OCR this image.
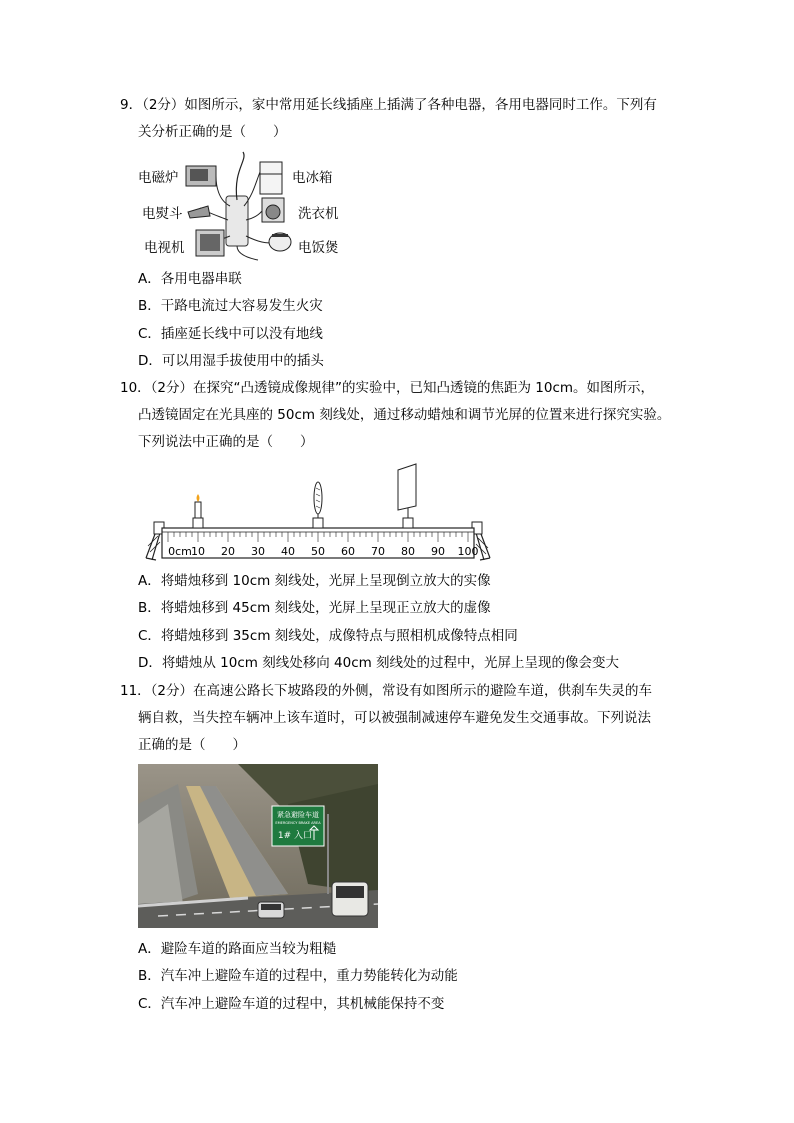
9．（2分）如图所示，家中常用延长线插座上插满了各种电器，各用电器同时工作。下列有
关分析正确的是（　　）
电磁炉	电冰箱
电熨斗	洗衣机
电视机	电饭煲
A．各用电器串联
B．干路电流过大容易发生火灾
C．插座延长线中可以没有地线
D．可以用湿手拔使用中的插头
10．（2分）在探究“凸透镜成像规律”的实验中，已知凸透镜的焦距为 10cm。如图所示，
凸透镜固定在光具座的 50cm 刻线处，通过移动蜡烛和调节光屏的位置来进行探究实验。
下列说法中正确的是（　　）
0cm 10 20 30 40 50 60 70 80 90 100
A．将蜡烛移到 10cm 刻线处，光屏上呈现倒立放大的实像
B．将蜡烛移到 45cm 刻线处，光屏上呈现正立放大的虚像
C．将蜡烛移到 35cm 刻线处，成像特点与照相机成像特点相同
D．将蜡烛从 10cm 刻线处移向 40cm 刻线处的过程中，光屏上呈现的像会变大
11．（2分）在高速公路长下坡路段的外侧，常设有如图所示的避险车道，供刹车失灵的车
辆自救，当失控车辆冲上该车道时，可以被强制减速停车避免发生交通事故。下列说法
正确的是（　　）
紧急避险车道
EMERGENCY BRAKE AREA
1# 入口
A．避险车道的路面应当较为粗糙
B．汽车冲上避险车道的过程中，重力势能转化为动能
C．汽车冲上避险车道的过程中，其机械能保持不变
